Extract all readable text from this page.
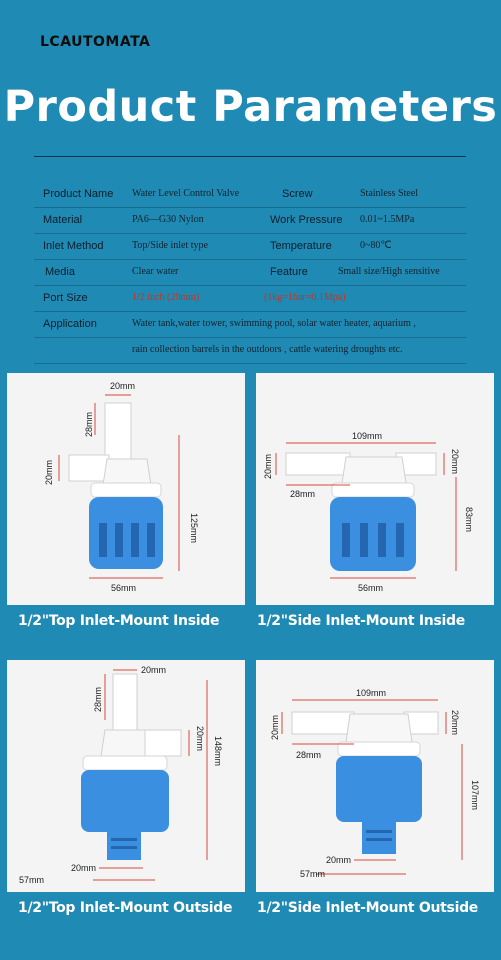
LCAUTOMATA
Product Parameters
Product Name Water Level Control Valve	Screw	Stainless Steel
Material	PA6—G30 Nylon	Work Pressure 0.01~1.5MPa
Inlet Method	Top/Side inlet type	Temperature	0~80℃
Media	Clear water	Feature	Small size/High sensitive
Port Size	1/2 inch (20mm)	(1kg=1bar=0.1Mpa)
Application	Water tank,water tower, swimming pool, solar water heater, aquarium ,
rain collection barrels in the outdoors , cattle watering droughts etc.
20mm
28mm
20mm
125mm
56mm
1/2"Top Inlet-Mount Inside
109mm
20mm	20mm
28mm
83mm
56mm
1/2"Side Inlet-Mount Inside
20mm
28mm
20mm 148mm
20mm
57mm
1/2"Top Inlet-Mount Outside
109mm
20mm	20mm
28mm
107mm
20mm
57mm
1/2"Side Inlet-Mount Outside
